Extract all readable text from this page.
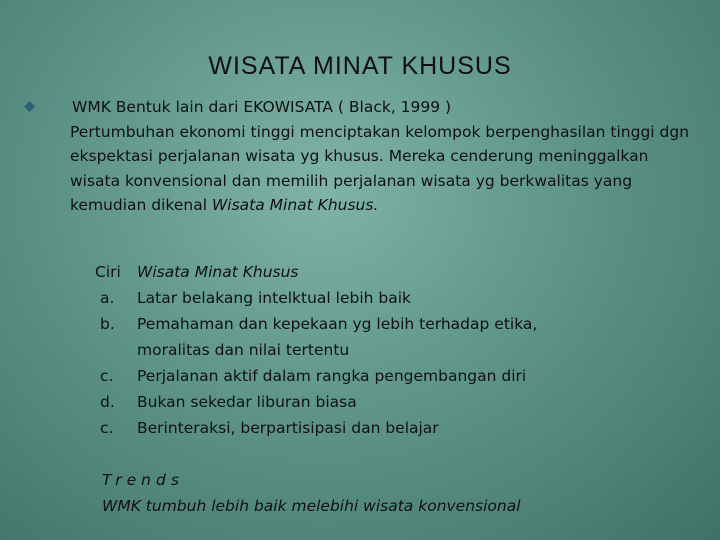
WISATA MINAT KHUSUS
WMK Bentuk lain dari EKOWISATA ( Black, 1999 )
Pertumbuhan ekonomi tinggi menciptakan kelompok berpenghasilan tinggi dgn ekspektasi perjalanan wisata yg khusus. Mereka cenderung meninggalkan wisata konvensional dan memilih perjalanan wisata yg berkwalitas yang kemudian dikenal Wisata Minat Khusus.
Ciri	Wisata Minat Khusus
a.	Latar belakang intelktual lebih baik
b.	Pemahaman dan kepekaan yg lebih terhadap etika,
moralitas dan nilai tertentu
c.	Perjalanan aktif dalam rangka pengembangan diri
d.	Bukan sekedar liburan biasa
c.	Berinteraksi, berpartisipasi dan belajar
Trends
WMK tumbuh lebih baik melebihi wisata konvensional
